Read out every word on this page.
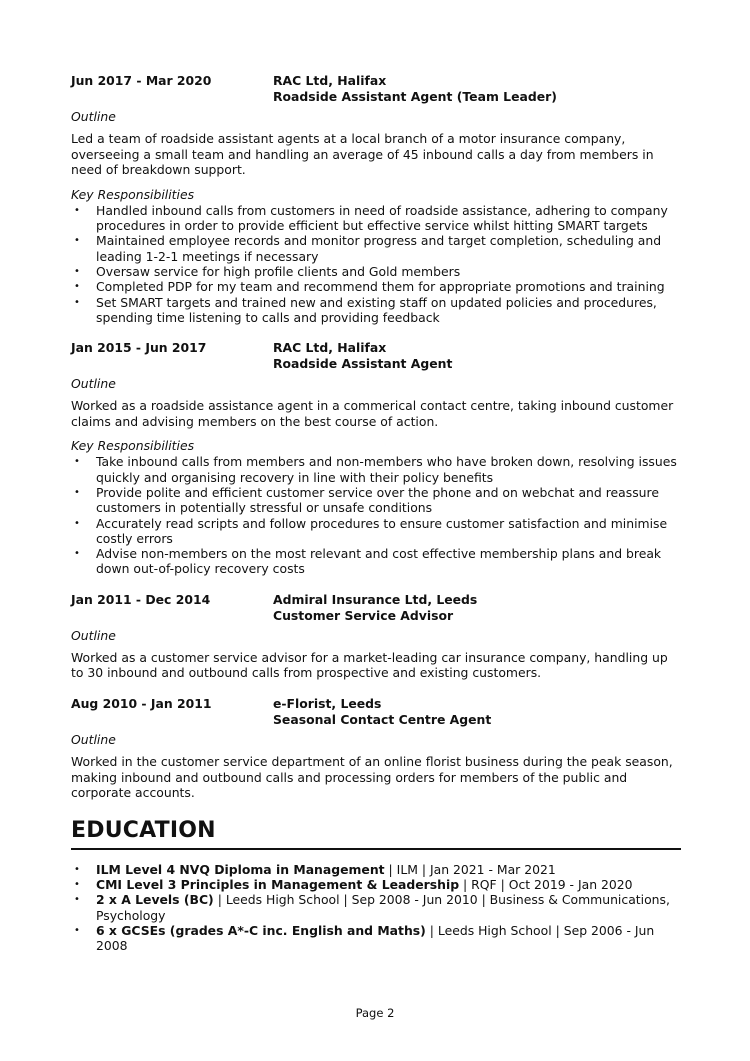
Jun 2017 - Mar 2020	RAC Ltd, Halifax
Roadside Assistant Agent (Team Leader)
Outline
Led a team of roadside assistant agents at a local branch of a motor insurance company, overseeing a small team and handling an average of 45 inbound calls a day from members in need of breakdown support.
Key Responsibilities
• Handled inbound calls from customers in need of roadside assistance, adhering to company procedures in order to provide efficient but effective service whilst hitting SMART targets
• Maintained employee records and monitor progress and target completion, scheduling and leading 1-2-1 meetings if necessary
• Oversaw service for high profile clients and Gold members
• Completed PDP for my team and recommend them for appropriate promotions and training
• Set SMART targets and trained new and existing staff on updated policies and procedures, spending time listening to calls and providing feedback
Jan 2015 - Jun 2017	RAC Ltd, Halifax
Roadside Assistant Agent
Outline
Worked as a roadside assistance agent in a commerical contact centre, taking inbound customer claims and advising members on the best course of action.
Key Responsibilities
• Take inbound calls from members and non-members who have broken down, resolving issues quickly and organising recovery in line with their policy benefits
• Provide polite and efficient customer service over the phone and on webchat and reassure customers in potentially stressful or unsafe conditions
• Accurately read scripts and follow procedures to ensure customer satisfaction and minimise costly errors
• Advise non-members on the most relevant and cost effective membership plans and break down out-of-policy recovery costs
Jan 2011 - Dec 2014	Admiral Insurance Ltd, Leeds
Customer Service Advisor
Outline
Worked as a customer service advisor for a market-leading car insurance company, handling up to 30 inbound and outbound calls from prospective and existing customers.
Aug 2010 - Jan 2011	e-Florist, Leeds
Seasonal Contact Centre Agent
Outline
Worked in the customer service department of an online florist business during the peak season, making inbound and outbound calls and processing orders for members of the public and corporate accounts.
EDUCATION
• ILM Level 4 NVQ Diploma in Management | ILM | Jan 2021 - Mar 2021
• CMI Level 3 Principles in Management & Leadership | RQF | Oct 2019 - Jan 2020
• 2 x A Levels (BC) | Leeds High School | Sep 2008 - Jun 2010 | Business & Communications, Psychology
• 6 x GCSEs (grades A*-C inc. English and Maths) | Leeds High School | Sep 2006 - Jun 2008
Page 2
